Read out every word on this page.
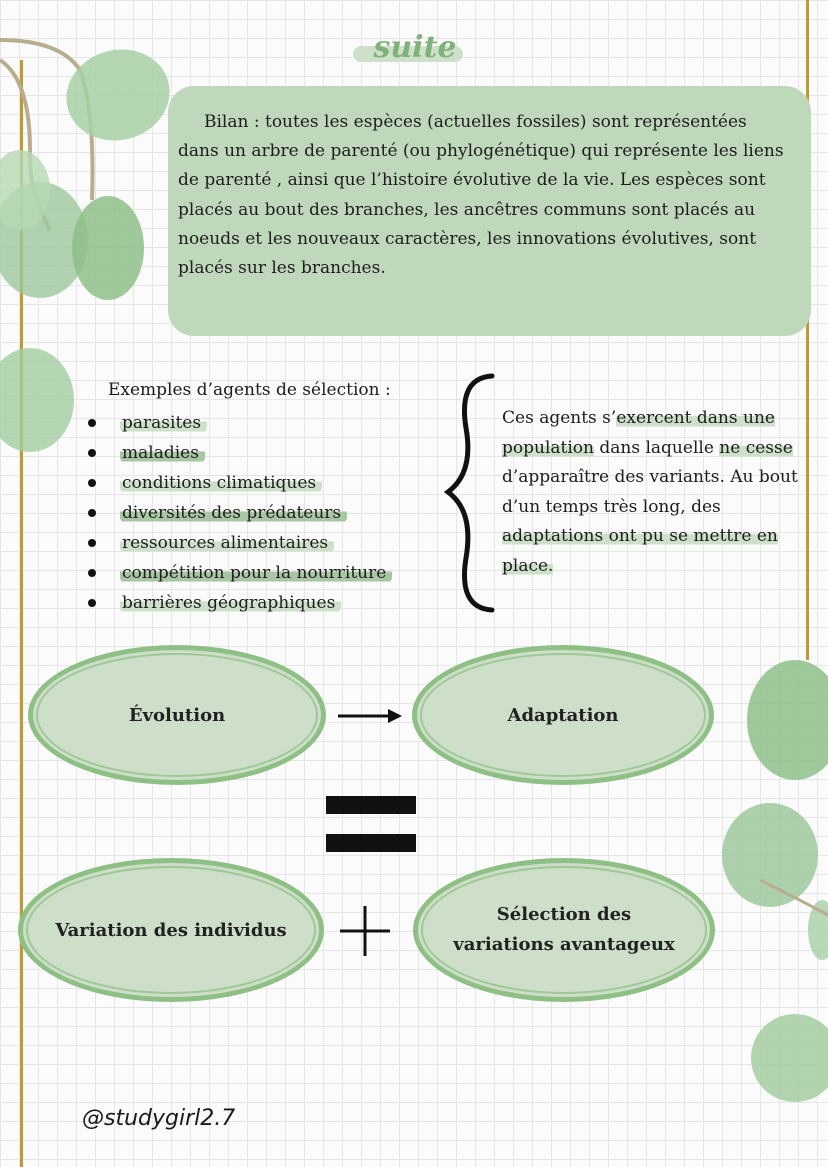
suite

Bilan : toutes les espèces (actuelles fossiles) sont représentées dans un arbre de parenté (ou phylogénétique) qui représente les liens de parenté , ainsi que l’histoire évolutive de la vie. Les espèces sont placés au bout des branches, les ancêtres communs sont placés au noeuds et les nouveaux caractères, les innovations évolutives, sont placés sur les branches.

Exemples d’agents de sélection :
parasites
maladies
conditions climatiques
diversités des prédateurs
ressources alimentaires
compétition pour la nourriture
barrières géographiques

Ces agents s’exercent dans une population dans laquelle ne cesse d’apparaître des variants. Au bout d’un temps très long, des adaptations ont pu se mettre en place.

Évolution	Adaptation
Variation des individus
Sélection des variations avantageux
@studygirl2.7
